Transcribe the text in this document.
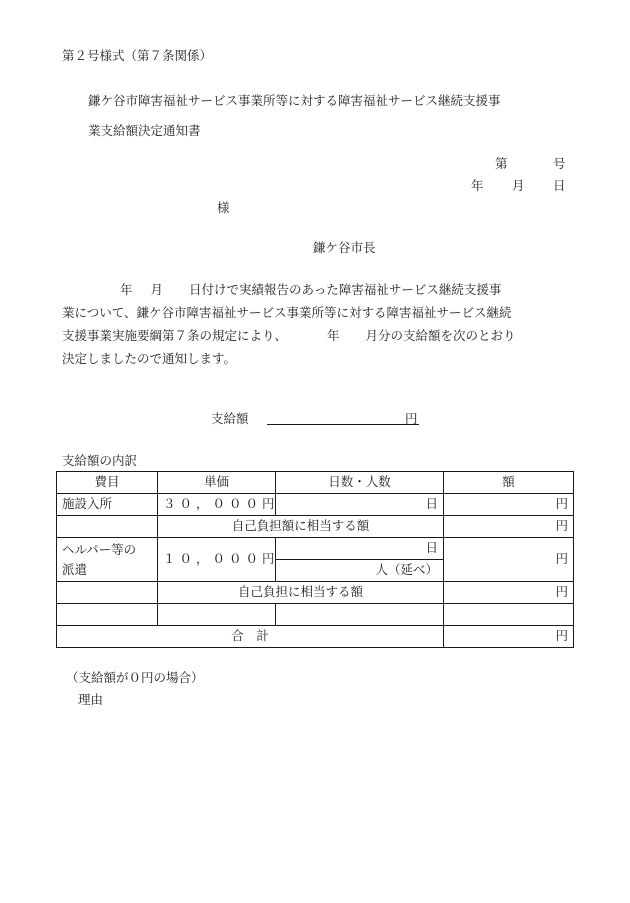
第２号様式（第７条関係）
鎌ケ谷市障害福祉サービス事業所等に対する障害福祉サービス継続支援事
業支給額決定通知書
第	号
年 月 日
様
鎌ケ谷市長
年 月 日付けで実績報告のあった障害福祉サービス継続支援事
業について、鎌ケ谷市障害福祉サービス事業所等に対する障害福祉サービス継続
支援事業実施要綱第７条の規定により、	年 月分の支給額を次のとおり
決定しましたので通知します。
支給額	円
支給額の内訳
費目	単価	日数・人数	額
施設入所	３０，０００円	日	円
	自己負担額に相当する額		円
ヘルパー等の
派遣	１０，０００円	日	円
		人（延べ）	
	自己負担に相当する額		円

合　計			円
（支給額が０円の場合）
理由
